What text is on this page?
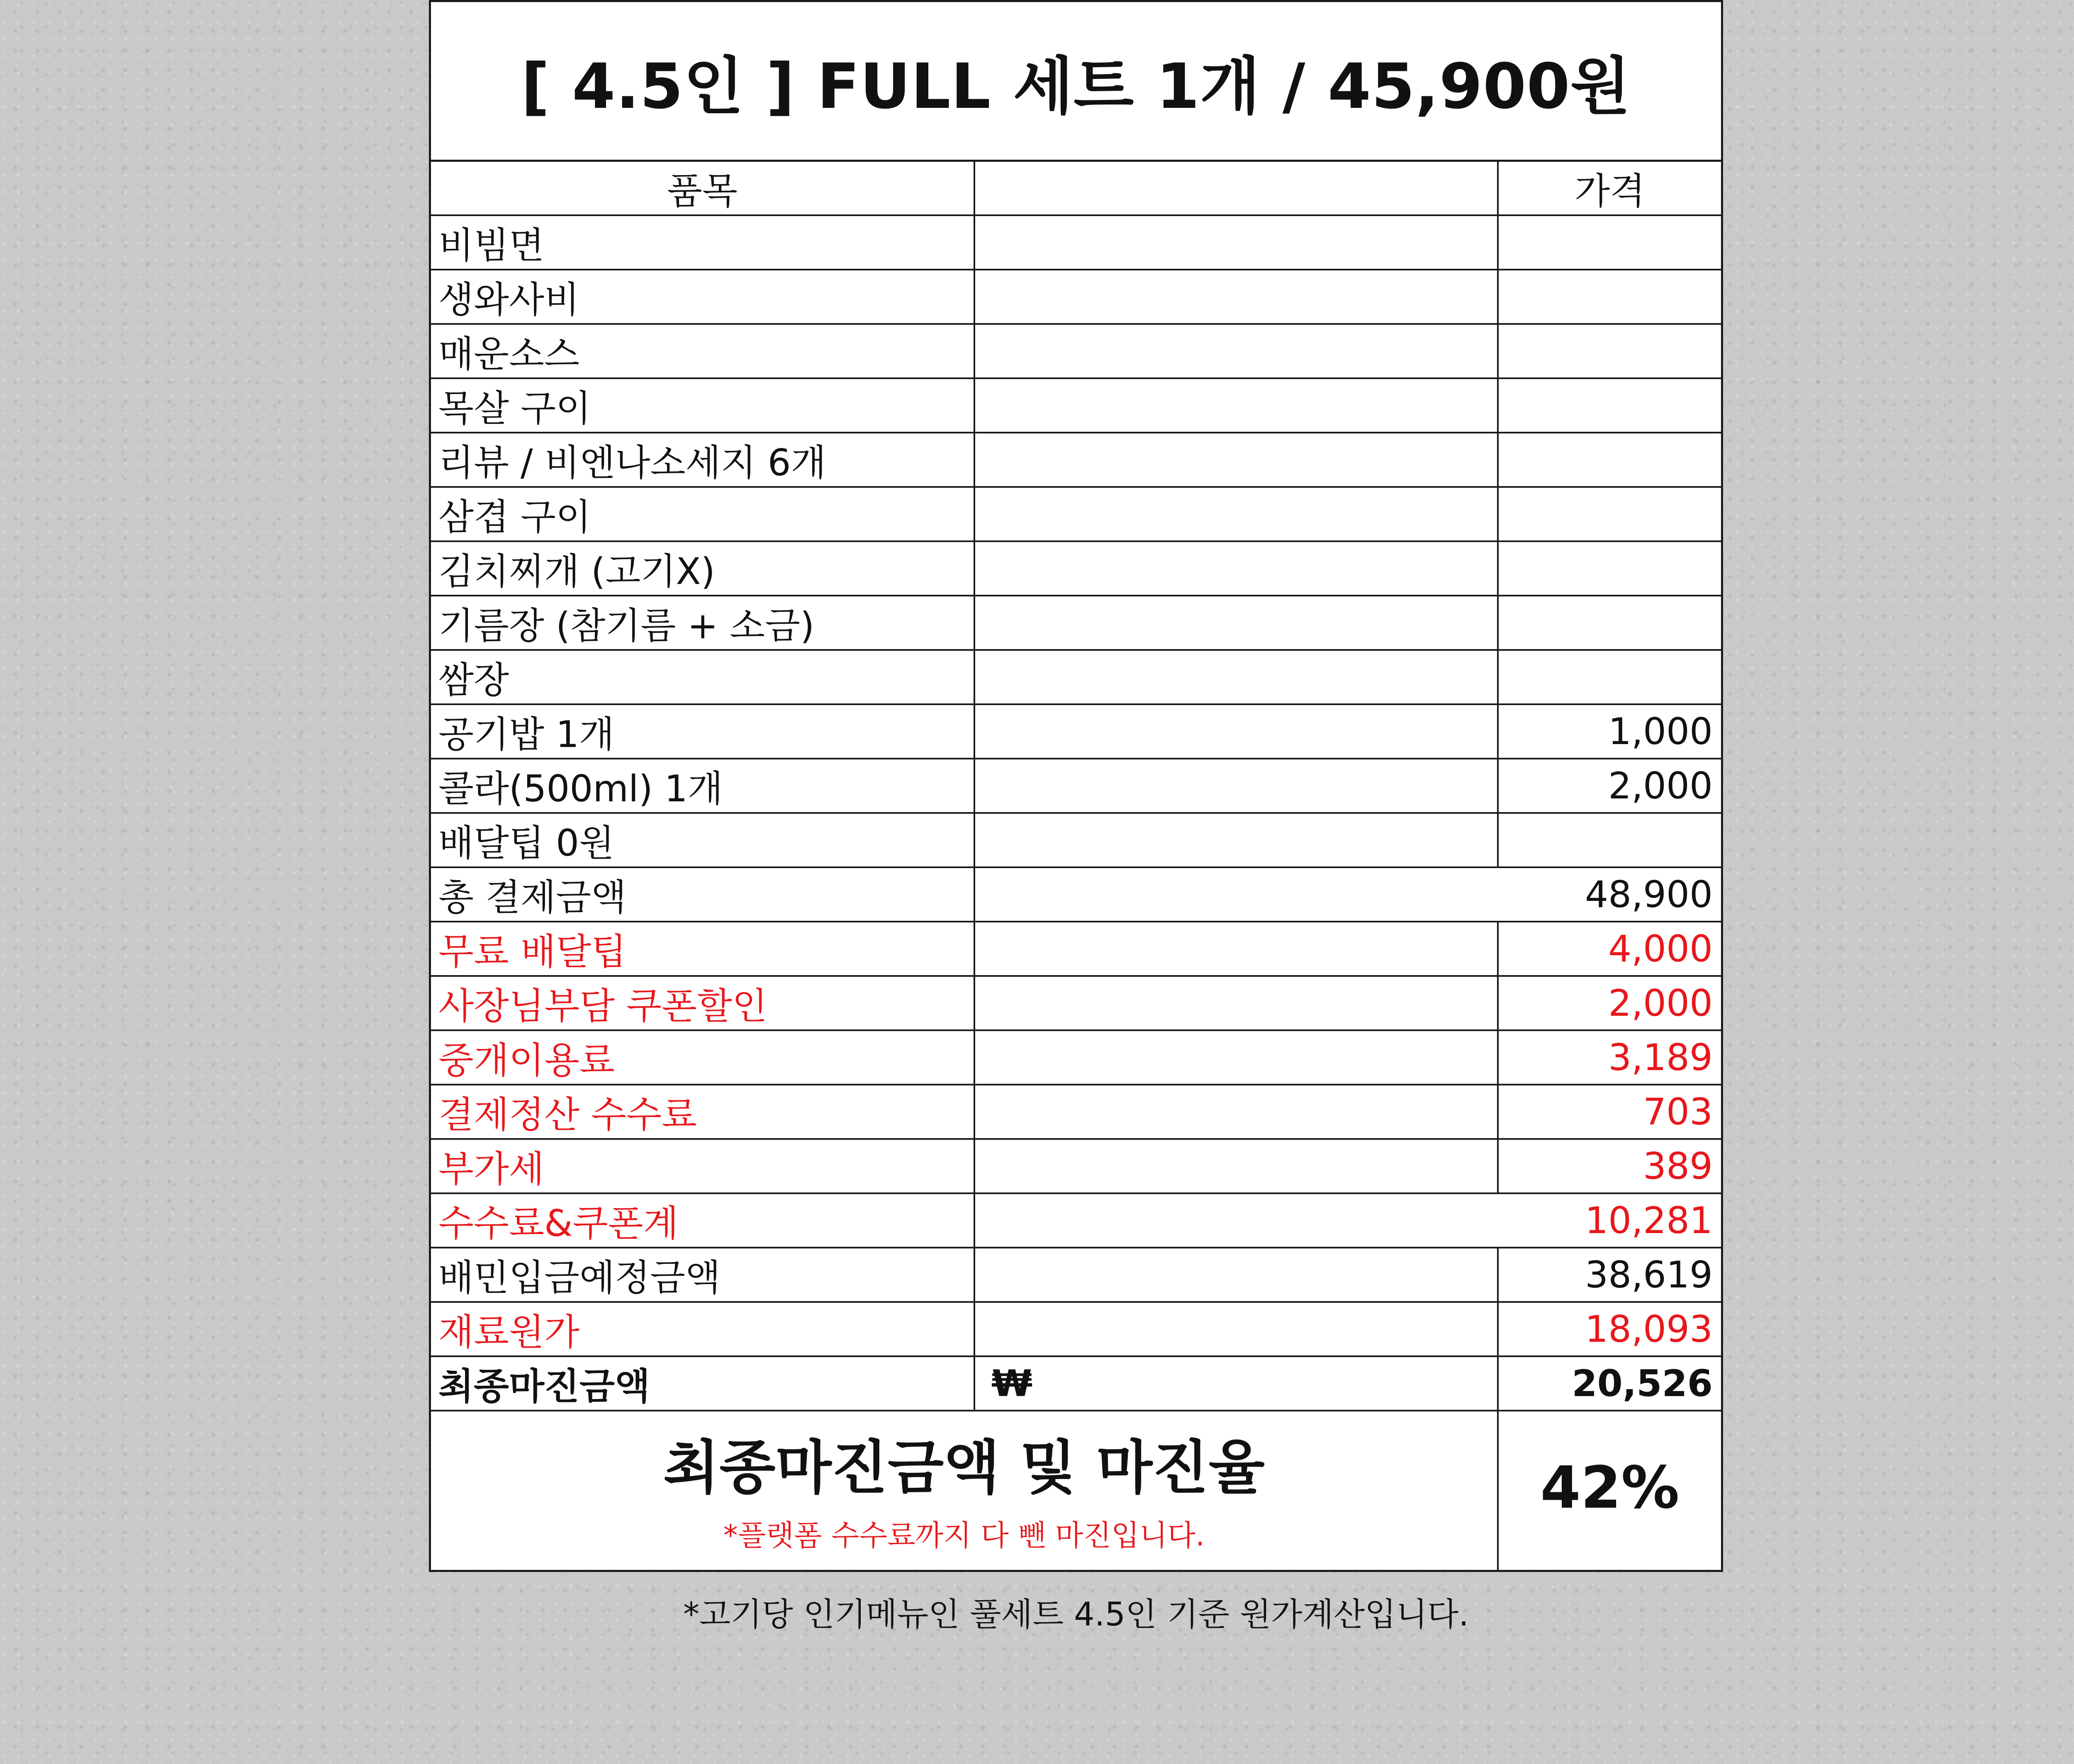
[ 4.5인 ] FULL 세트 1개 / 45,900원
품목	가격
비빔면
생와사비
매운소스
목살 구이
리뷰 / 비엔나소세지 6개
삼겹 구이
김치찌개 (고기X)
기름장 (참기름 + 소금)
쌈장
공기밥 1개	1,000
콜라(500ml) 1개	2,000
배달팁 0원
총 결제금액	48,900
무료 배달팁	4,000
사장님부담 쿠폰할인	2,000
중개이용료	3,189
결제정산 수수료	703
부가세	389
수수료&쿠폰계	10,281
배민입금예정금액	38,619
재료원가	18,093
최종마진금액	₩	20,526
최종마진금액 및 마진율
*플랫폼 수수료까지 다 뺀 마진입니다.
42%
*고기당 인기메뉴인 풀세트 4.5인 기준 원가계산입니다.
